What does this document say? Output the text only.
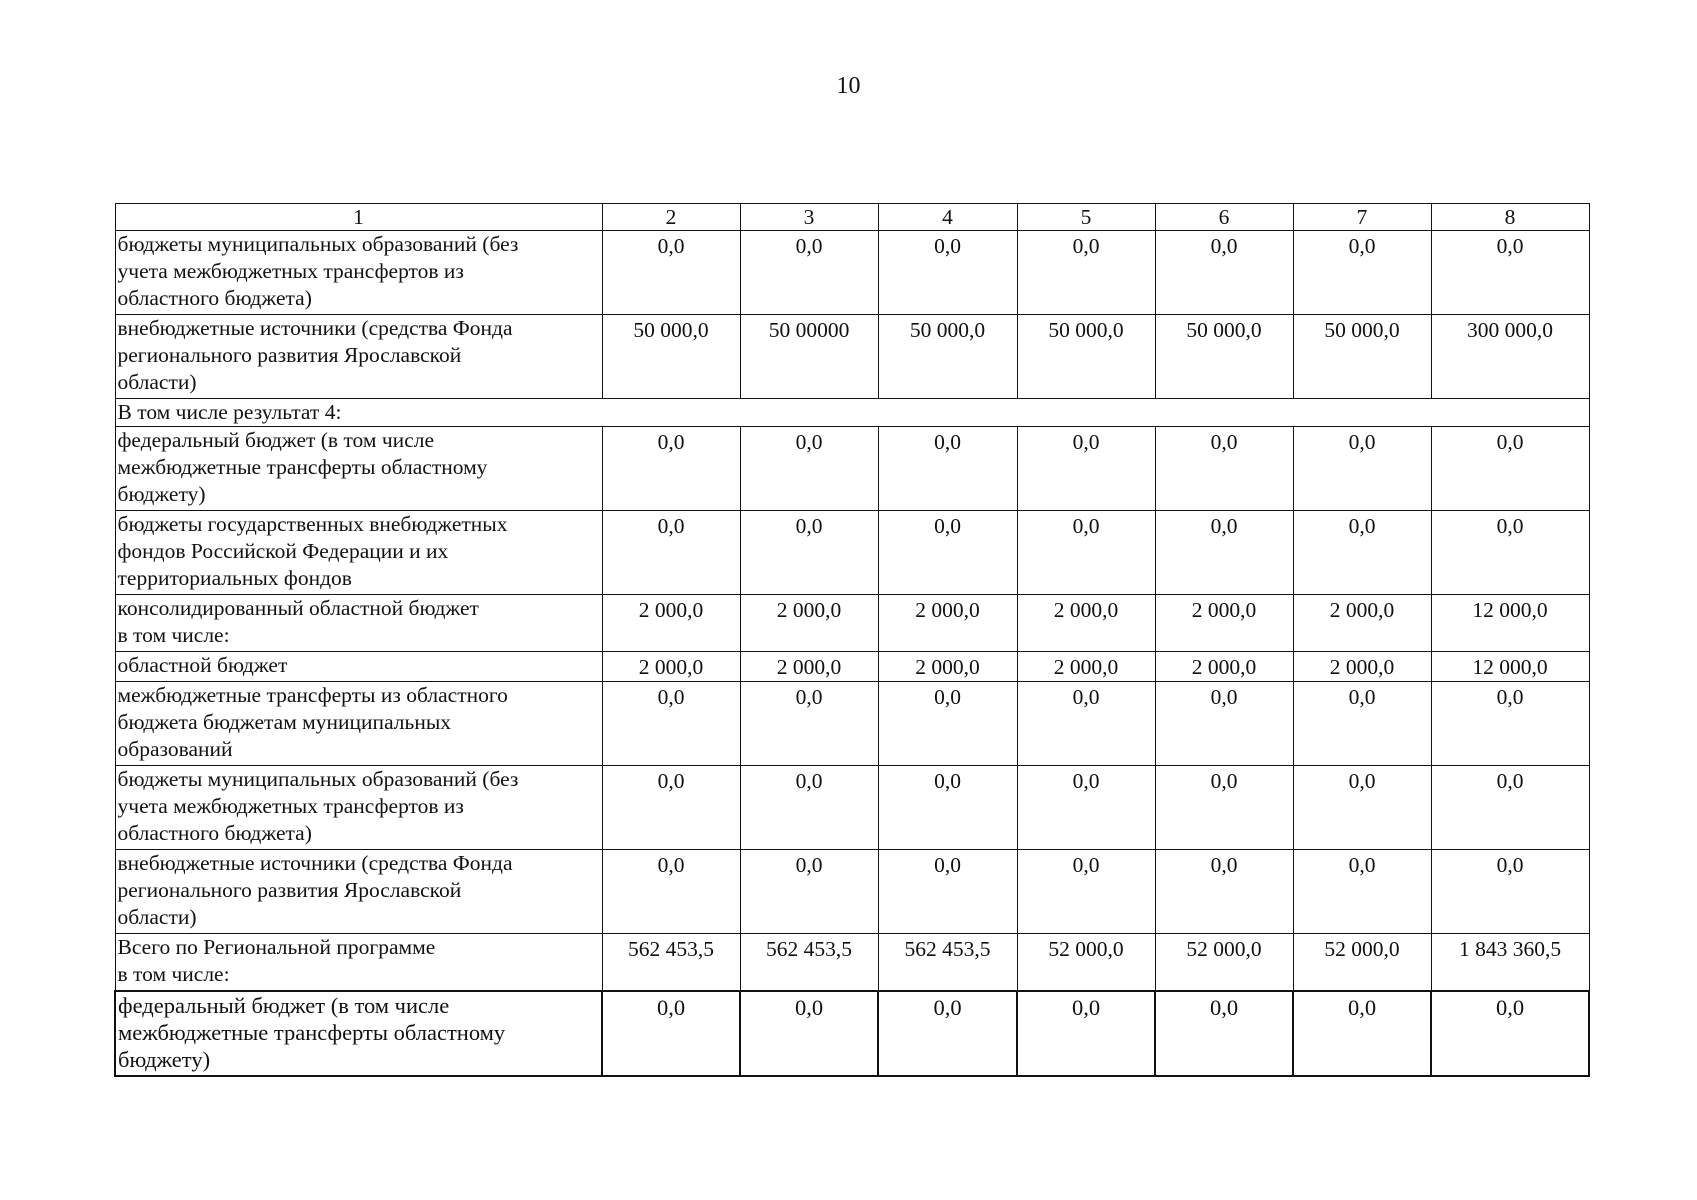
10
1	2	3	4	5	6	7	8
бюджеты муниципальных образований (без
учета межбюджетных трансфертов из
областного бюджета)	0,0	0,0	0,0	0,0	0,0	0,0	0,0
внебюджетные источники (средства Фонда
регионального развития Ярославской
области)	50 000,0	50 00000	50 000,0	50 000,0	50 000,0	50 000,0	300 000,0
В том числе результат 4:							
федеральный бюджет (в том числе
межбюджетные трансферты областному
бюджету)	0,0	0,0	0,0	0,0	0,0	0,0	0,0
бюджеты государственных внебюджетных
фондов Российской Федерации и их
территориальных фондов	0,0	0,0	0,0	0,0	0,0	0,0	0,0
консолидированный областной бюджет
в том числе:	2 000,0	2 000,0	2 000,0	2 000,0	2 000,0	2 000,0	12 000,0
областной бюджет	2 000,0	2 000,0	2 000,0	2 000,0	2 000,0	2 000,0	12 000,0
межбюджетные трансферты из областного
бюджета бюджетам муниципальных
образований	0,0	0,0	0,0	0,0	0,0	0,0	0,0
бюджеты муниципальных образований (без
учета межбюджетных трансфертов из
областного бюджета)	0,0	0,0	0,0	0,0	0,0	0,0	0,0
внебюджетные источники (средства Фонда
регионального развития Ярославской
области)	0,0	0,0	0,0	0,0	0,0	0,0	0,0
Всего по Региональной программе
в том числе:	562 453,5	562 453,5	562 453,5	52 000,0	52 000,0	52 000,0	1 843 360,5
федеральный бюджет (в том числе
межбюджетные трансферты областному
бюджету)	0,0	0,0	0,0	0,0	0,0	0,0	0,0
